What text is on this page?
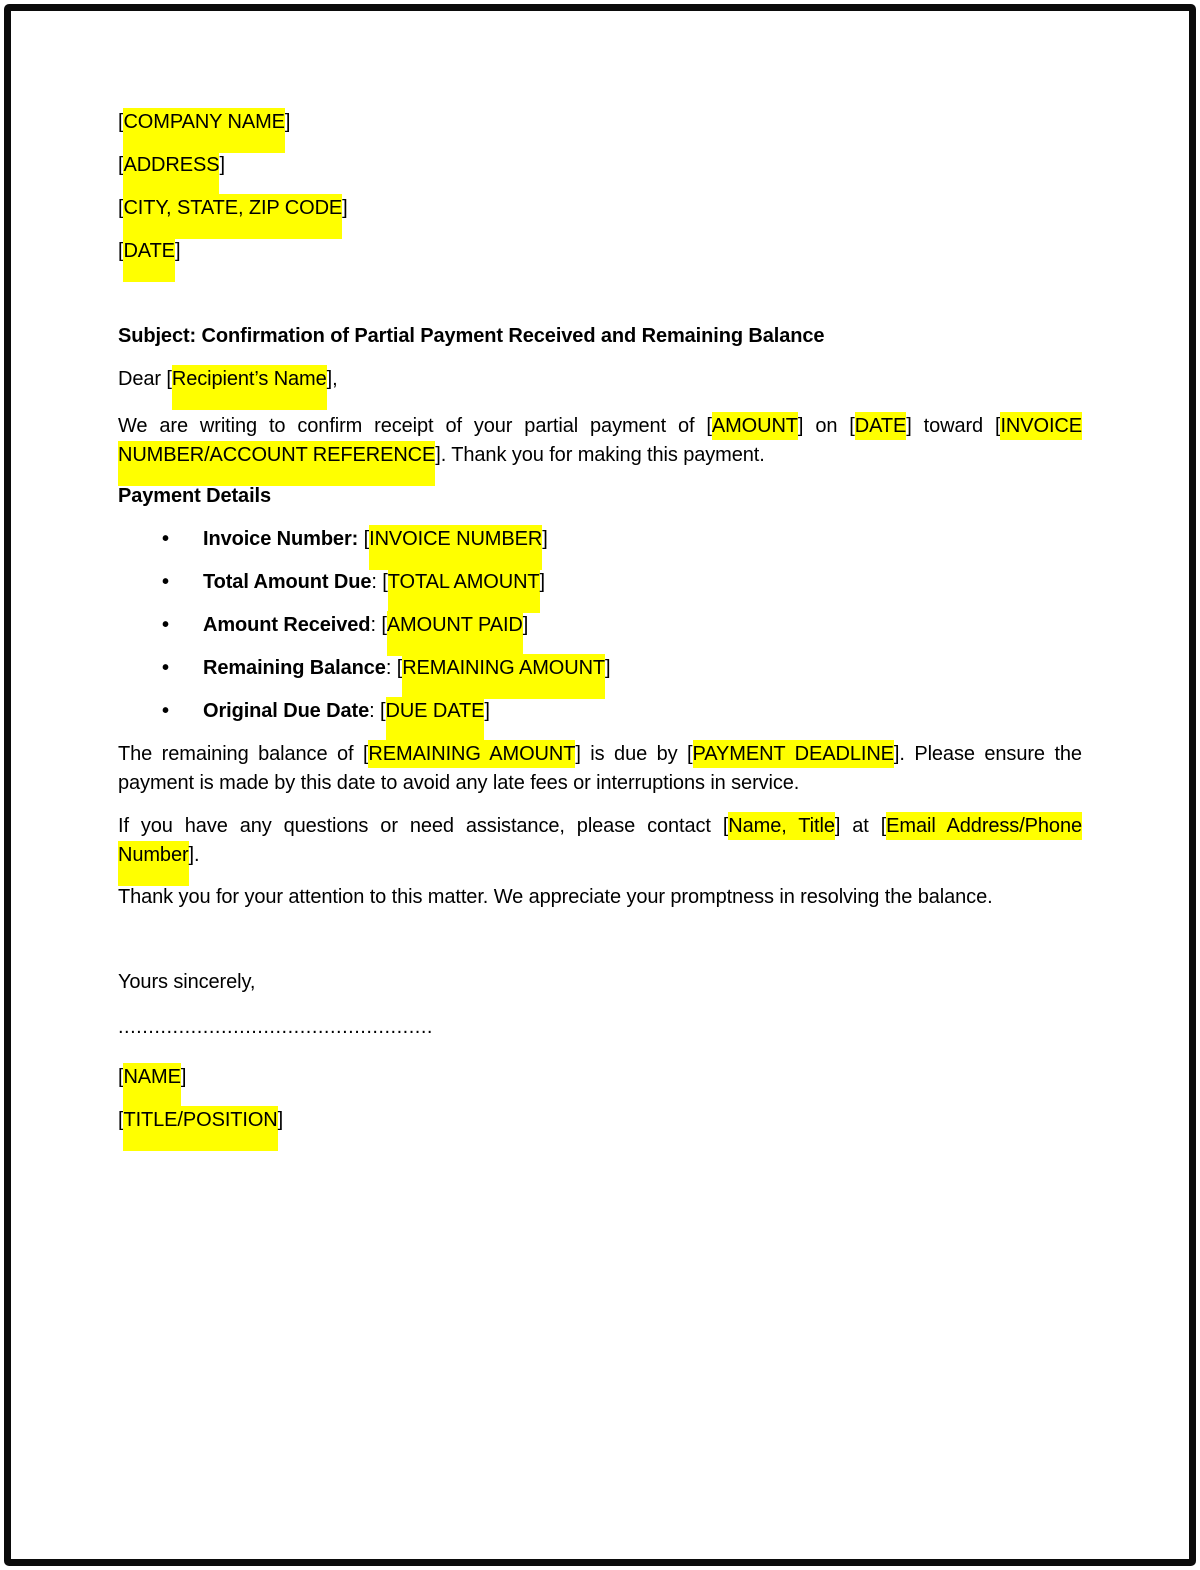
[COMPANY NAME]

[ADDRESS]

[CITY, STATE, ZIP CODE]

[DATE]

Subject: Confirmation of Partial Payment Received and Remaining Balance

Dear [Recipient’s Name],

We are writing to confirm receipt of your partial payment of [AMOUNT] on [DATE] toward [INVOICE
NUMBER/ACCOUNT REFERENCE]. Thank you for making this payment.

Payment Details

• Invoice Number: [INVOICE NUMBER]
• Total Amount Due: [TOTAL AMOUNT]
• Amount Received: [AMOUNT PAID]
• Remaining Balance: [REMAINING AMOUNT]
• Original Due Date: [DUE DATE]
The remaining balance of [REMAINING AMOUNT] is due by [PAYMENT DEADLINE]. Please ensure the
payment is made by this date to avoid any late fees or interruptions in service.
If you have any questions or need assistance, please contact [Name, Title] at [Email Address/Phone
Number].

Thank you for your attention to this matter. We appreciate your promptness in resolving the balance.

Yours sincerely,

....................................................

[NAME]

[TITLE/POSITION]
